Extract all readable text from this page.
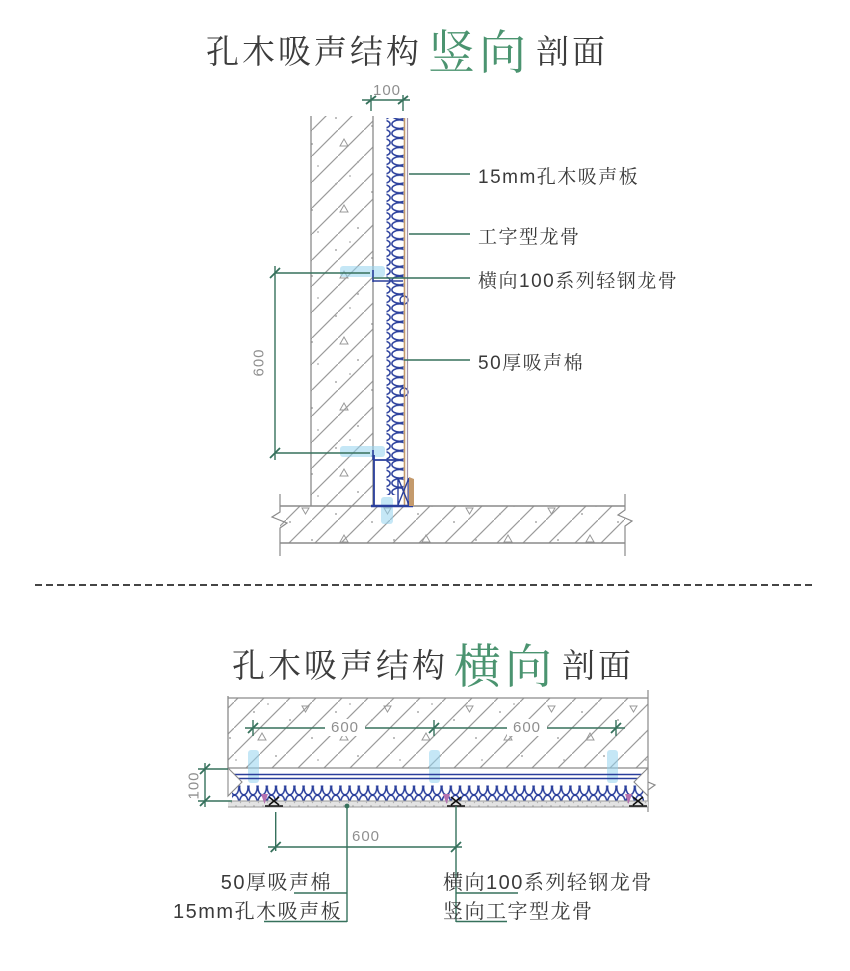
孔木吸声结构 竖向 剖面
孔木吸声结构 横向 剖面
100
600
15mm孔木吸声板
工字型龙骨
横向100系列轻钢龙骨
50厚吸声棉
600	600
100
600
50厚吸声棉
15mm孔木吸声板
横向100系列轻钢龙骨
竖向工字型龙骨
